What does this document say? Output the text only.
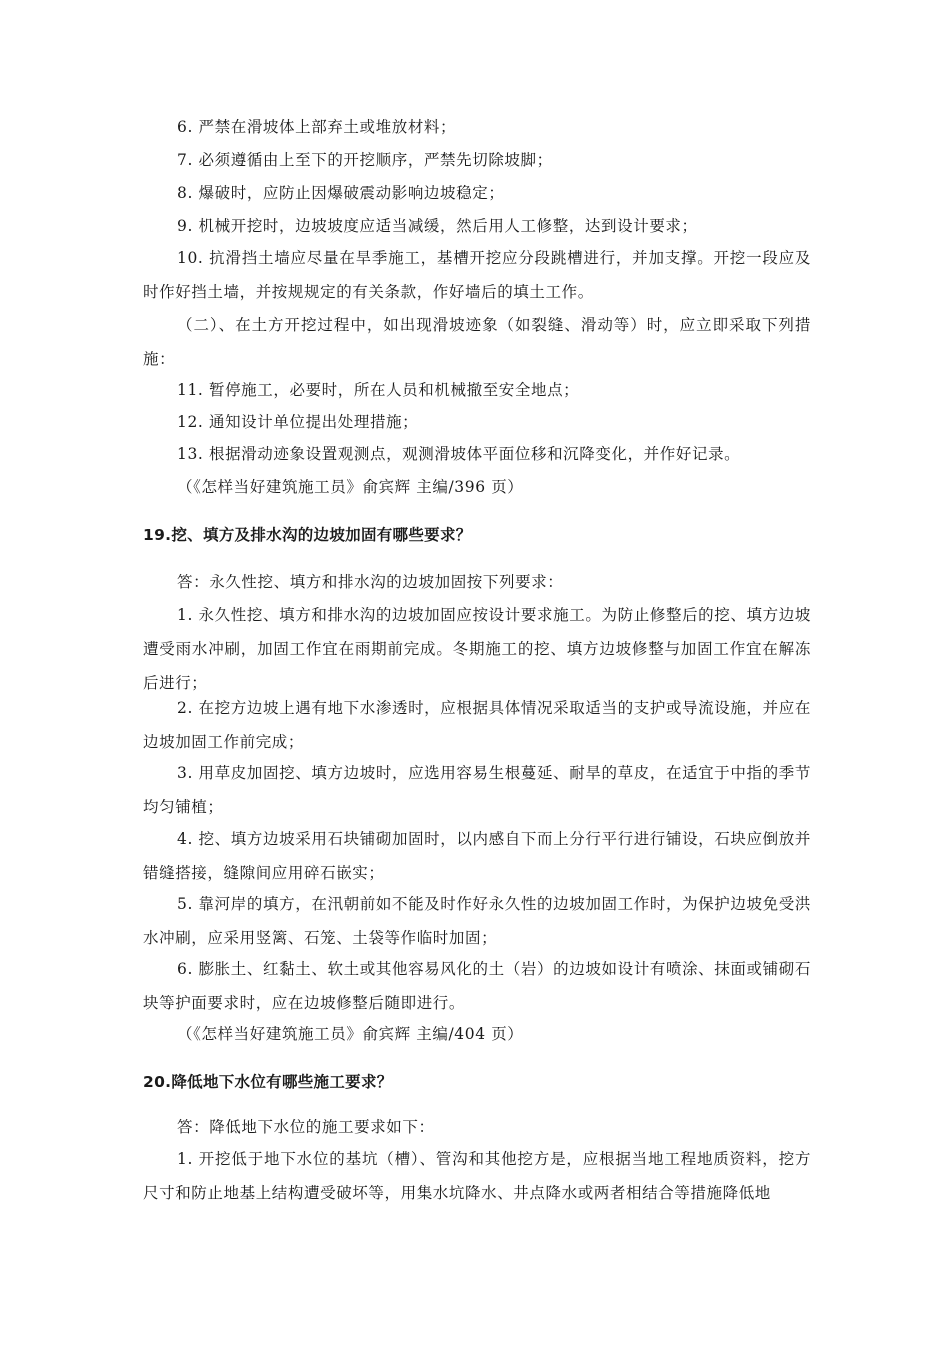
6. 严禁在滑坡体上部弃土或堆放材料；

7. 必须遵循由上至下的开挖顺序，严禁先切除坡脚；

8. 爆破时，应防止因爆破震动影响边坡稳定；

9. 机械开挖时，边坡坡度应适当减缓，然后用人工修整，达到设计要求；

10. 抗滑挡土墙应尽量在旱季施工，基槽开挖应分段跳槽进行，并加支撑。开挖一段应及时作好挡土墙，并按规规定的有关条款，作好墙后的填土工作。

（二）、在土方开挖过程中，如出现滑坡迹象（如裂缝、滑动等）时，应立即采取下列措施：

11. 暂停施工，必要时，所在人员和机械撤至安全地点；

12. 通知设计单位提出处理措施；

13. 根据滑动迹象设置观测点，观测滑坡体平面位移和沉降变化，并作好记录。

（《怎样当好建筑施工员》俞宾辉 主编/396 页）

19.挖、填方及排水沟的边坡加固有哪些要求？

答：永久性挖、填方和排水沟的边坡加固按下列要求：

1. 永久性挖、填方和排水沟的边坡加固应按设计要求施工。为防止修整后的挖、填方边坡遭受雨水冲刷，加固工作宜在雨期前完成。冬期施工的挖、填方边坡修整与加固工作宜在解冻后进行；

2. 在挖方边坡上遇有地下水渗透时，应根据具体情况采取适当的支护或导流设施，并应在边坡加固工作前完成；

3. 用草皮加固挖、填方边坡时，应选用容易生根蔓延、耐旱的草皮，在适宜于中指的季节均匀铺植；

4. 挖、填方边坡采用石块铺砌加固时，以内感自下而上分行平行进行铺设，石块应倒放并错缝搭接，缝隙间应用碎石嵌实；

5. 靠河岸的填方，在汛朝前如不能及时作好永久性的边坡加固工作时，为保护边坡免受洪水冲刷，应采用竖篱、石笼、土袋等作临时加固；

6. 膨胀土、红黏土、软土或其他容易风化的土（岩）的边坡如设计有喷涂、抹面或铺砌石块等护面要求时，应在边坡修整后随即进行。

（《怎样当好建筑施工员》俞宾辉 主编/404 页）

20.降低地下水位有哪些施工要求？

答：降低地下水位的施工要求如下：

1. 开挖低于地下水位的基坑（槽）、管沟和其他挖方是，应根据当地工程地质资料，挖方尺寸和防止地基上结构遭受破坏等，用集水坑降水、井点降水或两者相结合等措施降低地
